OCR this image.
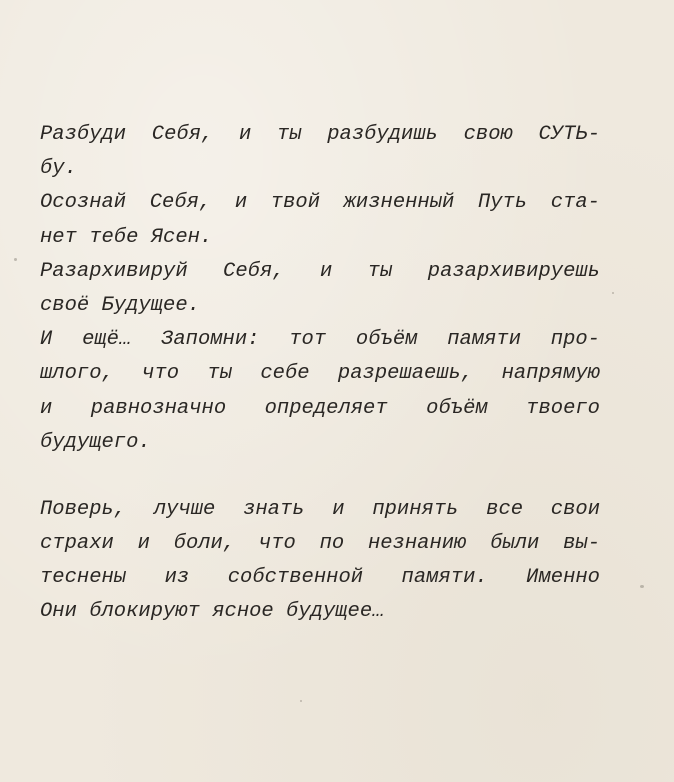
Разбуди Себя, и ты разбудишь свою СУТЬ-
бу.
Осознай Себя, и твой жизненный Путь ста-
нет тебе Ясен.
Разархивируй Себя, и ты разархивируешь
своё Будущее.
И ещё… Запомни: тот объём памяти про-
шлого, что ты себе разрешаешь, напрямую
и равнозначно определяет объём твоего
будущего.
Поверь, лучше знать и принять все свои
страхи и боли, что по незнанию были вы-
теснены из собственной памяти. Именно
Они блокируют ясное будущее…
